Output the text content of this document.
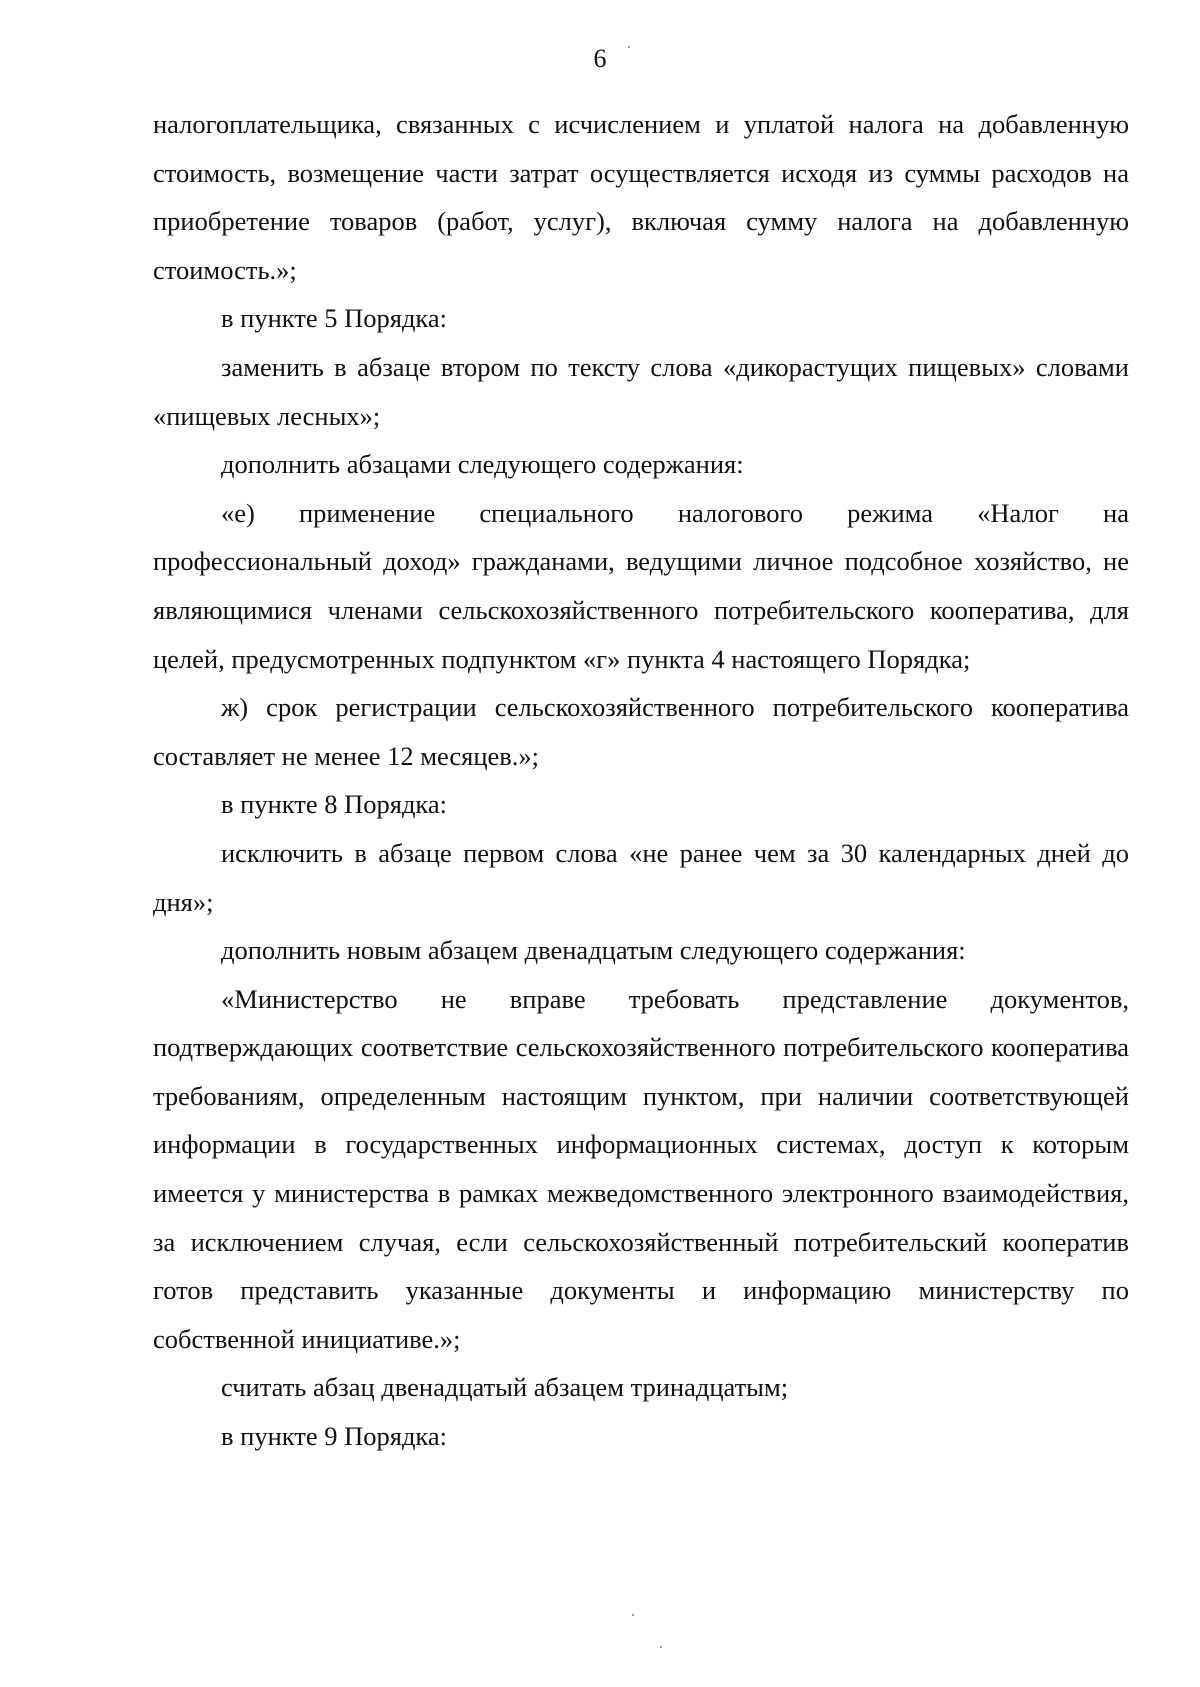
6

налогоплательщика, связанных с исчислением и уплатой налога на добавленную стоимость, возмещение части затрат осуществляется исходя из суммы расходов на приобретение товаров (работ, услуг), включая сумму налога на добавленную стоимость.»;

в пункте 5 Порядка:

заменить в абзаце втором по тексту слова «дикорастущих пищевых» словами «пищевых лесных»;

дополнить абзацами следующего содержания:

«е) применение специального налогового режима «Налог на профессиональный доход» гражданами, ведущими личное подсобное хозяйство, не являющимися членами сельскохозяйственного потребительского кооператива, для целей, предусмотренных подпунктом «г» пункта 4 настоящего Порядка;

ж) срок регистрации сельскохозяйственного потребительского кооператива составляет не менее 12 месяцев.»;

в пункте 8 Порядка:

исключить в абзаце первом слова «не ранее чем за 30 календарных дней до дня»;

дополнить новым абзацем двенадцатым следующего содержания:

«Министерство не вправе требовать представление документов, подтверждающих соответствие сельскохозяйственного потребительского кооператива требованиям, определенным настоящим пунктом, при наличии соответствующей информации в государственных информационных системах, доступ к которым имеется у министерства в рамках межведомственного электронного взаимодействия, за исключением случая, если сельскохозяйственный потребительский кооператив готов представить указанные документы и информацию министерству по собственной инициативе.»;

считать абзац двенадцатый абзацем тринадцатым;

в пункте 9 Порядка:
